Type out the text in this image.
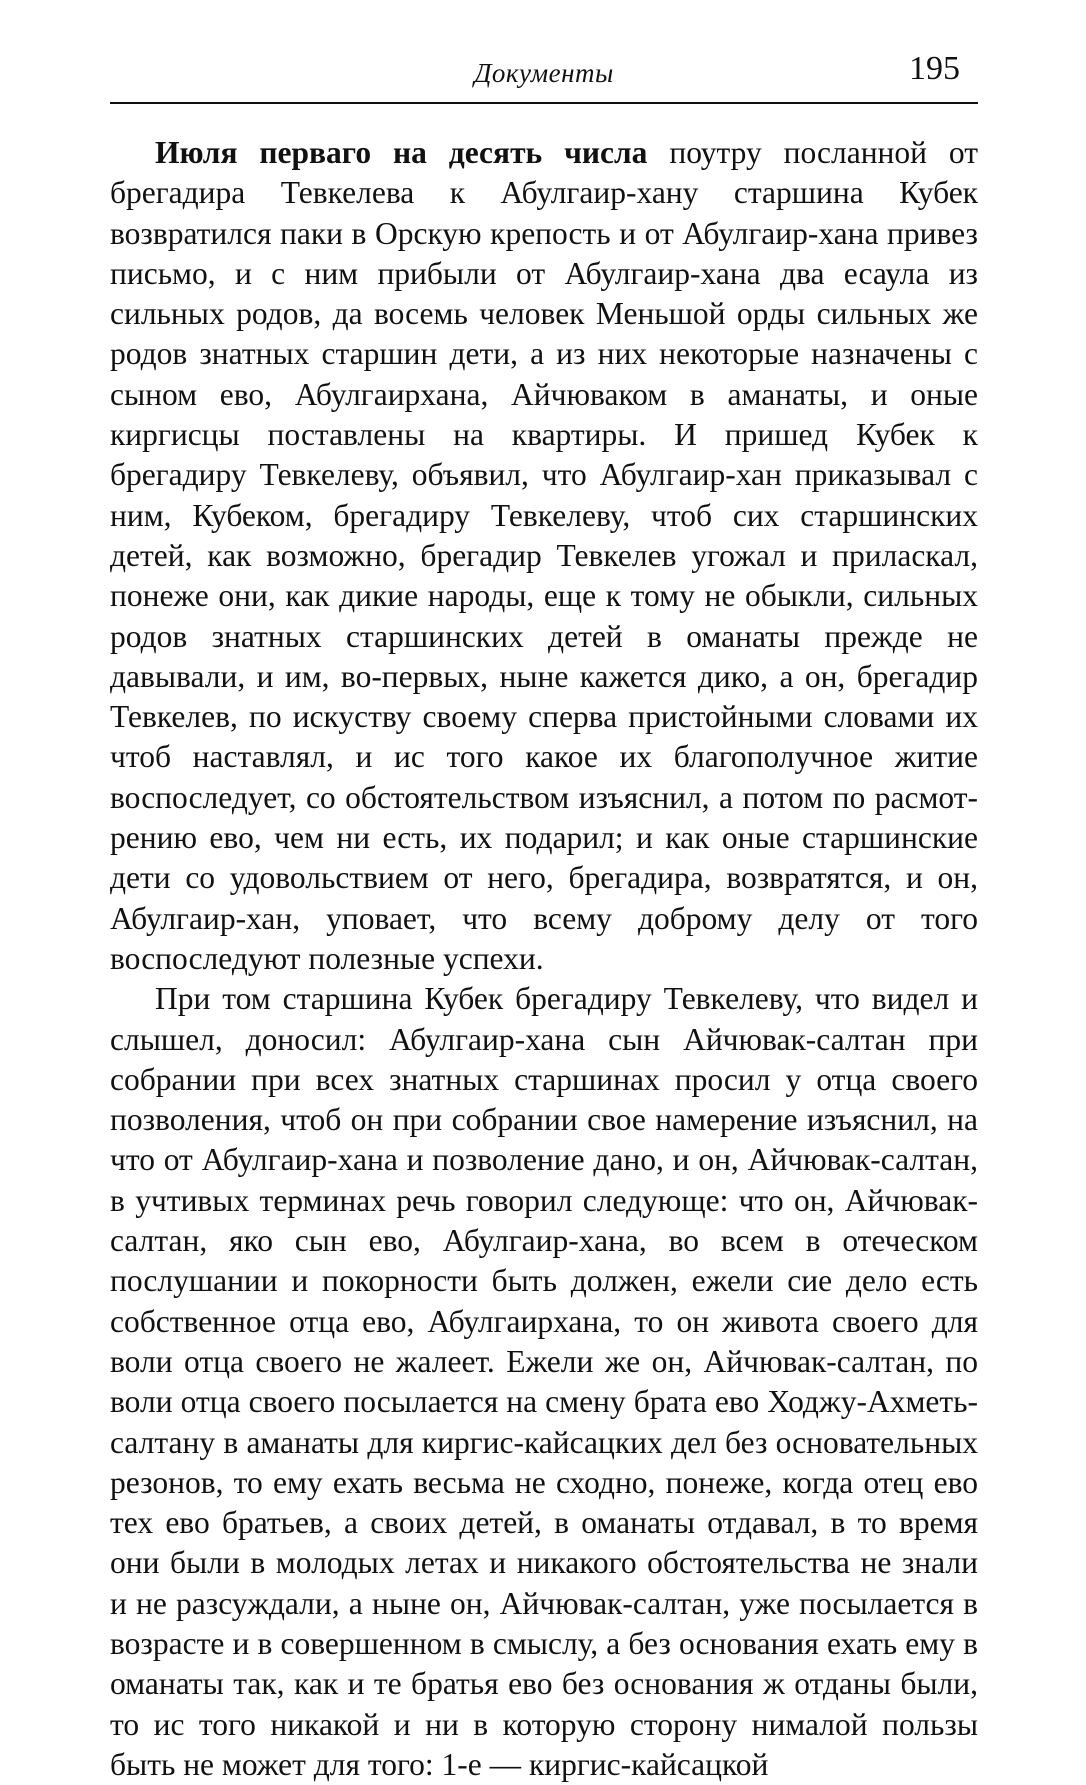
Документы	195

Июля перваго на десять числа поутру посланной от брегадира Тевкелева к Абулгаир-хану старшина Кубек возвратился паки в Орскую крепость и от Абулгаир-хана привез письмо, и с ним прибыли от Абулгаир-хана два есаула из сильных родов, да восемь человек Меньшой орды сильных же родов знатных старшин дети, а из них некоторые назначены с сыном ево, Абулгаирхана, Айчюваком в аманаты, и оные киргисцы поставлены на квартиры. И пришед Кубек к брегадиру Тевкелеву, объявил, что Абулгаир-хан приказывал с ним, Кубеком, брегадиру Тевкелеву, чтоб сих старшинских детей, как возможно, брегадир Тевкелев угожал и приласкал, понеже они, как дикие народы, еще к тому не обыкли, сильных родов знатных старшинских детей в оманаты прежде не давывали, и им, во-первых, ныне кажется дико, а он, брегадир Тевкелев, по искуству своему сперва пристойными словами их чтоб наставлял, и ис того какое их благополучное житие воспоследует, со обстоятельством изъяснил, а потом по расмотрению ево, чем ни есть, их подарил; и как оные старшинские дети со удовольствием от него, брегадира, возвратятся, и он, Абулгаир-хан, уповает, что всему доброму делу от того воспоследуют полезные успехи.

При том старшина Кубек брегадиру Тевкелеву, что видел и слышел, доносил: Абулгаир-хана сын Айчювак-салтан при собрании при всех знатных старшинах просил у отца своего позволения, чтоб он при собрании свое намерение изъяснил, на что от Абулгаир-хана и позволение дано, и он, Айчювак-салтан, в учтивых терминах речь говорил следующе: что он, Айчювак-салтан, яко сын ево, Абулгаир-хана, во всем в отеческом послушании и покорности быть должен, ежели сие дело есть собственное отца ево, Абулгаирхана, то он живота своего для воли отца своего не жалеет. Ежели же он, Айчювак-салтан, по воли отца своего посылается на смену брата ево Ходжу-Ахметь-салтану в аманаты для киргис-кайсацких дел без основательных резонов, то ему ехать весьма не сходно, понеже, когда отец ево тех ево братьев, а своих детей, в оманаты отдавал, в то время они были в молодых летах и никакого обстоятельства не знали и не разсуждали, а ныне он, Айчювак-салтан, уже посылается в возрасте и в совершенном в смыслу, а без основания ехать ему в оманаты так, как и те братья ево без основания ж отданы были, то ис того никакой и ни в которую сторону нималой пользы быть не может для того: 1-е — киргис-кайсацкой
